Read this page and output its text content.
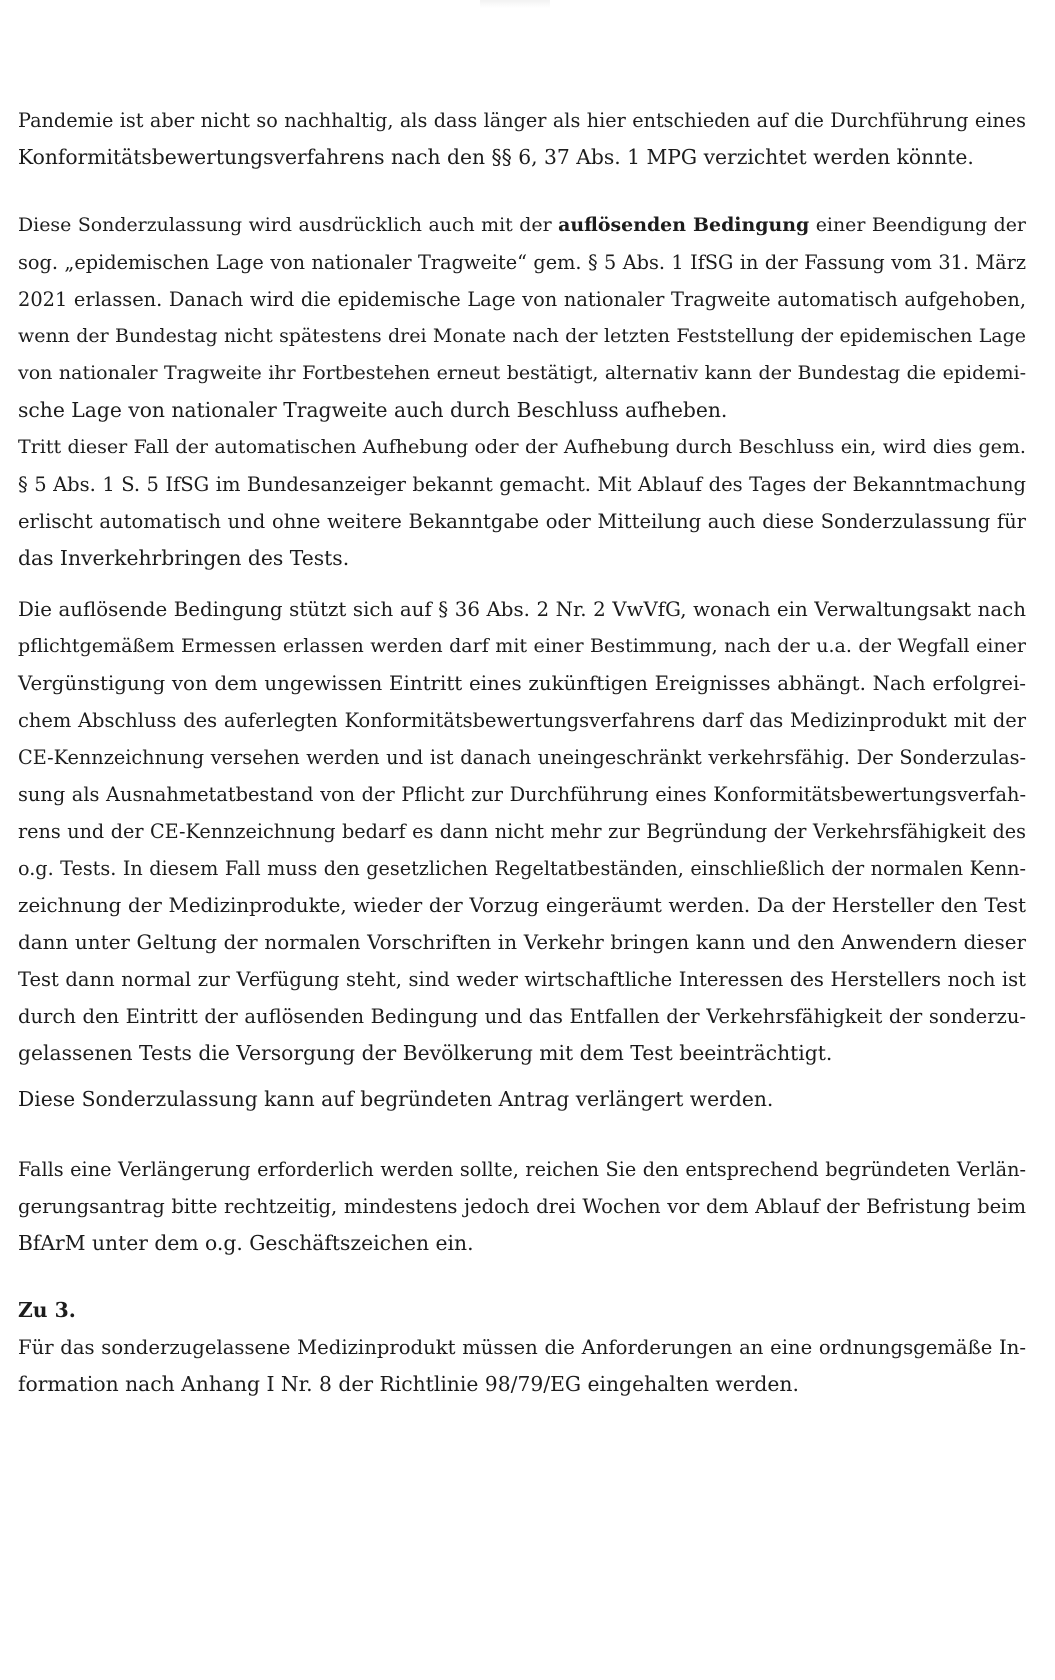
Pandemie ist aber nicht so nachhaltig, als dass länger als hier entschieden auf die Durchführung eines
Konformitätsbewertungsverfahrens nach den §§ 6, 37 Abs. 1 MPG verzichtet werden könnte.
Diese Sonderzulassung wird ausdrücklich auch mit der auflösenden Bedingung einer Beendigung der
sog. „epidemischen Lage von nationaler Tragweite“ gem. § 5 Abs. 1 IfSG in der Fassung vom 31. März
2021 erlassen. Danach wird die epidemische Lage von nationaler Tragweite automatisch aufgehoben,
wenn der Bundestag nicht spätestens drei Monate nach der letzten Feststellung der epidemischen Lage
von nationaler Tragweite ihr Fortbestehen erneut bestätigt, alternativ kann der Bundestag die epidemi-
sche Lage von nationaler Tragweite auch durch Beschluss aufheben.
Tritt dieser Fall der automatischen Aufhebung oder der Aufhebung durch Beschluss ein, wird dies gem.
§ 5 Abs. 1 S. 5 IfSG im Bundesanzeiger bekannt gemacht. Mit Ablauf des Tages der Bekanntmachung
erlischt automatisch und ohne weitere Bekanntgabe oder Mitteilung auch diese Sonderzulassung für
das Inverkehrbringen des Tests.
Die auflösende Bedingung stützt sich auf § 36 Abs. 2 Nr. 2 VwVfG, wonach ein Verwaltungsakt nach
pflichtgemäßem Ermessen erlassen werden darf mit einer Bestimmung, nach der u.a. der Wegfall einer
Vergünstigung von dem ungewissen Eintritt eines zukünftigen Ereignisses abhängt. Nach erfolgrei-
chem Abschluss des auferlegten Konformitätsbewertungsverfahrens darf das Medizinprodukt mit der
CE-Kennzeichnung versehen werden und ist danach uneingeschränkt verkehrsfähig. Der Sonderzulas-
sung als Ausnahmetatbestand von der Pflicht zur Durchführung eines Konformitätsbewertungsverfah-
rens und der CE-Kennzeichnung bedarf es dann nicht mehr zur Begründung der Verkehrsfähigkeit des
o.g. Tests. In diesem Fall muss den gesetzlichen Regeltatbeständen, einschließlich der normalen Kenn-
zeichnung der Medizinprodukte, wieder der Vorzug eingeräumt werden. Da der Hersteller den Test
dann unter Geltung der normalen Vorschriften in Verkehr bringen kann und den Anwendern dieser
Test dann normal zur Verfügung steht, sind weder wirtschaftliche Interessen des Herstellers noch ist
durch den Eintritt der auflösenden Bedingung und das Entfallen der Verkehrsfähigkeit der sonderzu-
gelassenen Tests die Versorgung der Bevölkerung mit dem Test beeinträchtigt.
Diese Sonderzulassung kann auf begründeten Antrag verlängert werden.
Falls eine Verlängerung erforderlich werden sollte, reichen Sie den entsprechend begründeten Verlän-
gerungsantrag bitte rechtzeitig, mindestens jedoch drei Wochen vor dem Ablauf der Befristung beim
BfArM unter dem o.g. Geschäftszeichen ein.
Zu 3.
Für das sonderzugelassene Medizinprodukt müssen die Anforderungen an eine ordnungsgemäße In-
formation nach Anhang I Nr. 8 der Richtlinie 98/79/EG eingehalten werden.
